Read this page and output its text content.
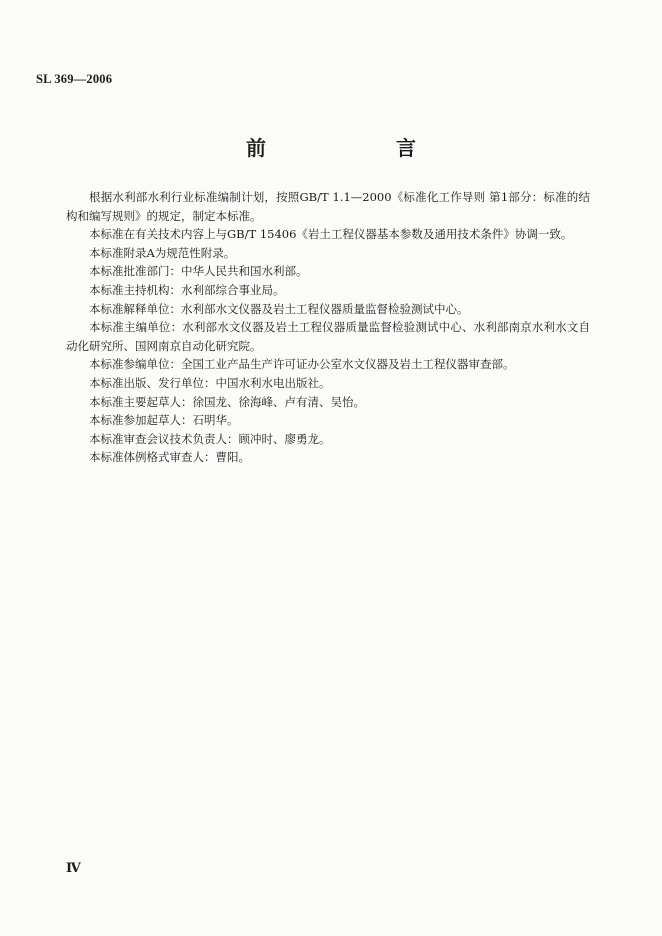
SL 369—2006
前　　言

根据水利部水利行业标准编制计划，按照GB/T 1.1—2000《标准化工作导则 第1部分：标准的结构和编写规则》的规定，制定本标准。

本标准在有关技术内容上与GB/T 15406《岩土工程仪器基本参数及通用技术条件》协调一致。

本标准附录A为规范性附录。

本标准批准部门：中华人民共和国水利部。

本标准主持机构：水利部综合事业局。

本标准解释单位：水利部水文仪器及岩土工程仪器质量监督检验测试中心。

本标准主编单位：水利部水文仪器及岩土工程仪器质量监督检验测试中心、水利部南京水利水文自动化研究所、国网南京自动化研究院。

本标准参编单位：全国工业产品生产许可证办公室水文仪器及岩土工程仪器审查部。

本标准出版、发行单位：中国水利水电出版社。

本标准主要起草人：徐国龙、徐海峰、卢有清、吴怡。

本标准参加起草人：石明华。

本标准审查会议技术负责人：顾冲时、廖勇龙。

本标准体例格式审查人：曹阳。

Ⅳ
